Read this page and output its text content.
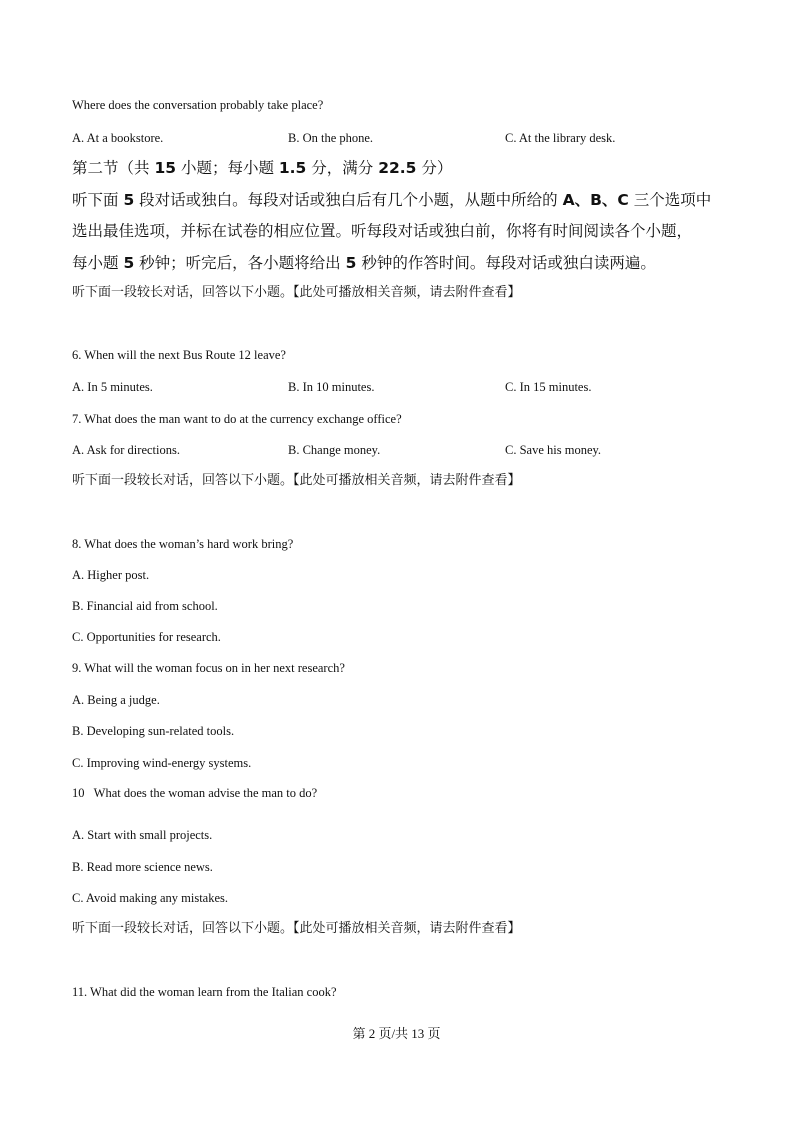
Where does the conversation probably take place?
A. At a bookstore.	B. On the phone.	C. At the library desk.
第二节（共 15 小题；每小题 1.5 分，满分 22.5 分）
听下面 5 段对话或独白。每段对话或独白后有几个小题，从题中所给的 A、B、C 三个选项中
选出最佳选项，并标在试卷的相应位置。听每段对话或独白前，你将有时间阅读各个小题，
每小题 5 秒钟；听完后，各小题将给出 5 秒钟的作答时间。每段对话或独白读两遍。
听下面一段较长对话，回答以下小题。【此处可播放相关音频，请去附件查看】
6. When will the next Bus Route 12 leave?
A. In 5 minutes.	B. In 10 minutes.	C. In 15 minutes.
7. What does the man want to do at the currency exchange office?
A. Ask for directions.	B. Change money.	C. Save his money.
听下面一段较长对话，回答以下小题。【此处可播放相关音频，请去附件查看】
8. What does the woman’s hard work bring?
A. Higher post.
B. Financial aid from school.
C. Opportunities for research.
9. What will the woman focus on in her next research?
A. Being a judge.
B. Developing sun-related tools.
C. Improving wind-energy systems.
10   What does the woman advise the man to do?
A. Start with small projects.
B. Read more science news.
C. Avoid making any mistakes.
听下面一段较长对话，回答以下小题。【此处可播放相关音频，请去附件查看】
11. What did the woman learn from the Italian cook?
第 2 页/共 13 页
